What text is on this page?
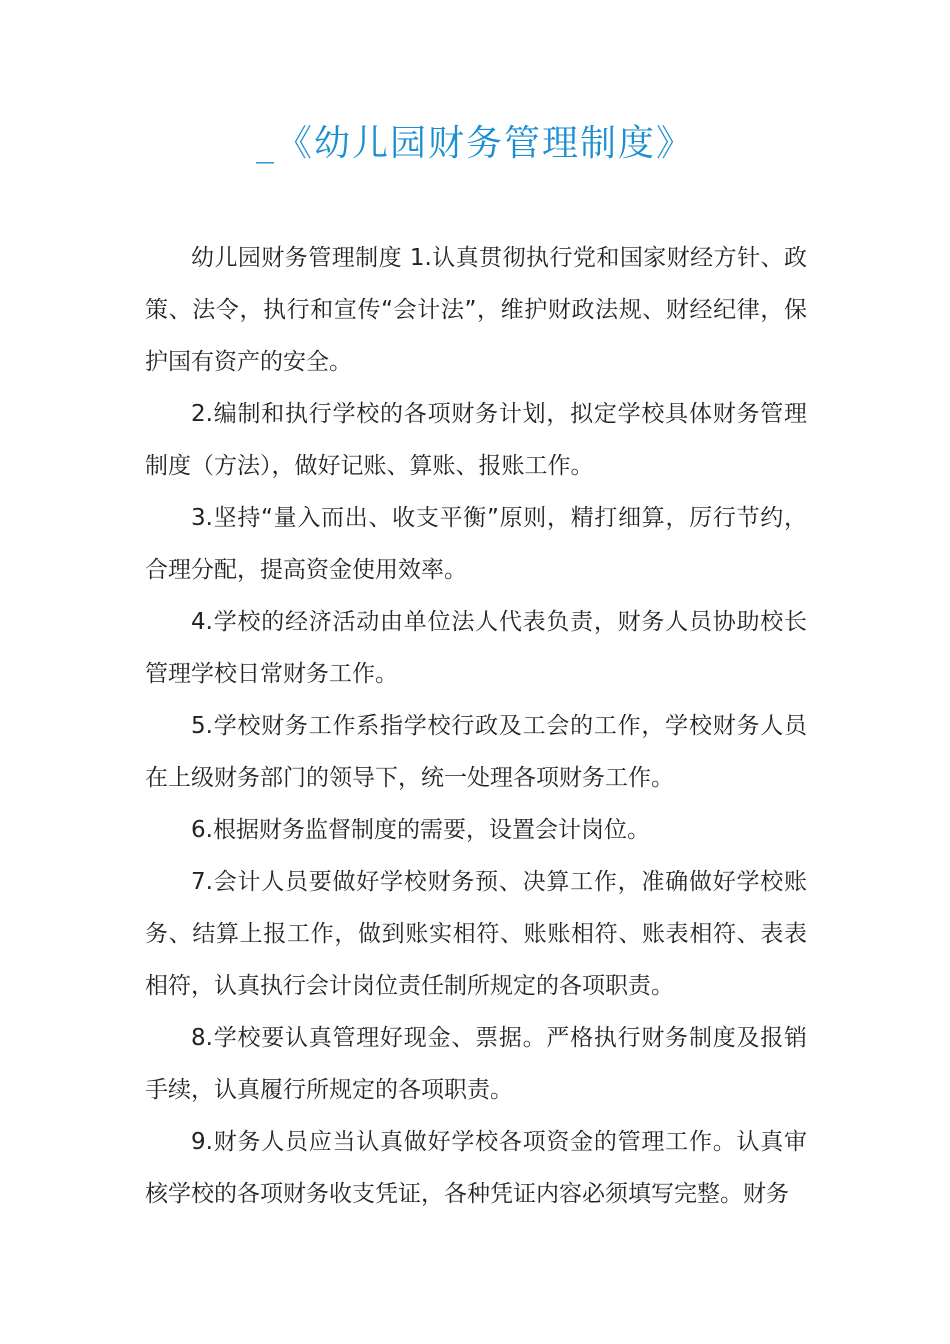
_《幼儿园财务管理制度》

幼儿园财务管理制度 1.认真贯彻执行党和国家财经方针、政策、法令，执行和宣传“会计法”，维护财政法规、财经纪律，保护国有资产的安全。

2.编制和执行学校的各项财务计划，拟定学校具体财务管理制度（方法），做好记账、算账、报账工作。

3.坚持“量入而出、收支平衡”原则，精打细算，厉行节约，合理分配，提高资金使用效率。

4.学校的经济活动由单位法人代表负责，财务人员协助校长管理学校日常财务工作。

5.学校财务工作系指学校行政及工会的工作，学校财务人员在上级财务部门的领导下，统一处理各项财务工作。

6.根据财务监督制度的需要，设置会计岗位。

7.会计人员要做好学校财务预、决算工作，准确做好学校账务、结算上报工作，做到账实相符、账账相符、账表相符、表表相符，认真执行会计岗位责任制所规定的各项职责。

8.学校要认真管理好现金、票据。严格执行财务制度及报销手续，认真履行所规定的各项职责。

9.财务人员应当认真做好学校各项资金的管理工作。认真审核学校的各项财务收支凭证，各种凭证内容必须填写完整。财务
